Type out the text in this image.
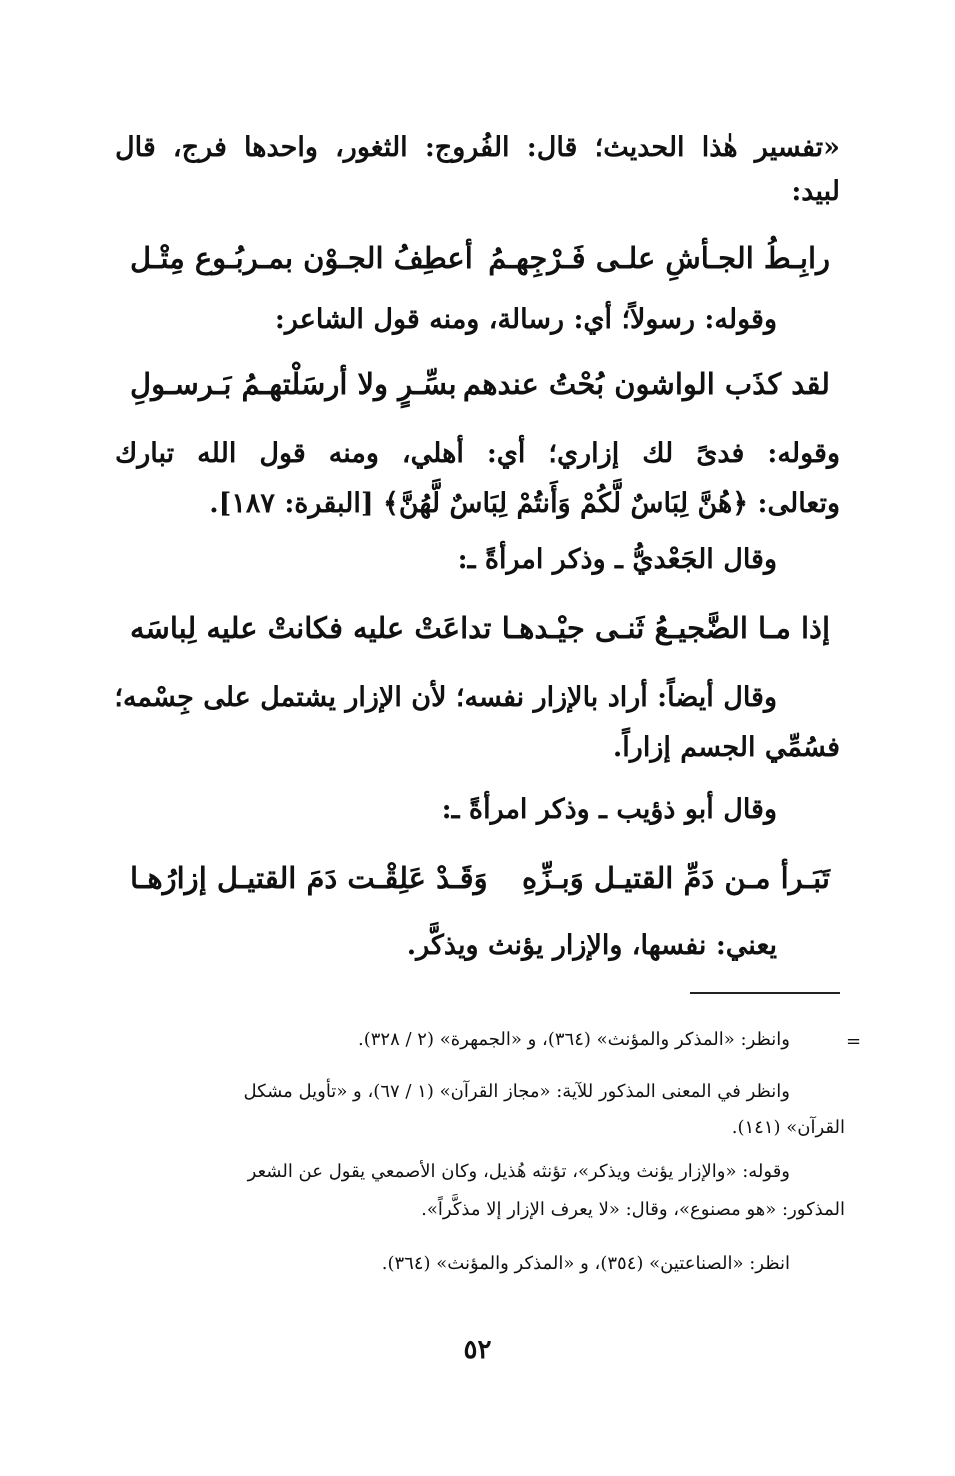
«تفسير هٰذا الحديث؛ قال: الفُروج: الثغور، واحدها فرج، قال
لبيد:
رابِـطُ الجـأشِ علـى فَـرْجِهـمُ
أعطِفُ الجـوْن بمـربُـوع مِتْـل
وقوله: رسولاً؛ أي: رسالة، ومنه قول الشاعر:
لقد كذَب الواشون بُحْتُ عندهم
بسِّـرٍ ولا أرسَلْتهـمُ بَـرسـولِ
وقوله: فدىً لك إزاري؛ أي: أهلي، ومنه قول الله تبارك
وتعالى: ﴿هُنَّ لِبَاسٌ لَّكُمْ وَأَنتُمْ لِبَاسٌ لَّهُنَّ﴾ [البقرة: ١٨٧].
وقال الجَعْديُّ ـ وذكر امرأةً ـ:
إذا مـا الضَّجيـعُ ثَنـى جيْـدهـا
تداعَتْ عليه فكانتْ عليه لِباسَه
وقال أيضاً: أراد بالإزار نفسه؛ لأن الإزار يشتمل على جِسْمه؛
فسُمِّي الجسم إزاراً.
وقال أبو ذؤيب ـ وذكر امرأةً ـ:
تَبَـرأ مـن دَمِّ القتيـل وَبـزِّهِ
وَقَـدْ عَلِقْـت دَمَ القتيـل إزارُهـا
يعني: نفسها، والإزار يؤنث ويذكَّر.
=
وانظر: «المذكر والمؤنث» (٣٦٤)، و «الجمهرة» (٢ / ٣٢٨).
وانظر في المعنى المذكور للآية: «مجاز القرآن» (١ / ٦٧)، و «تأويل مشكل
القرآن» (١٤١).
وقوله: «والإزار يؤنث ويذكر»، تؤنثه هُذيل، وكان الأصمعي يقول عن الشعر
المذكور: «هو مصنوع»، وقال: «لا يعرف الإزار إلا مذكَّراً».
انظر: «الصناعتين» (٣٥٤)، و «المذكر والمؤنث» (٣٦٤).
٥٢
